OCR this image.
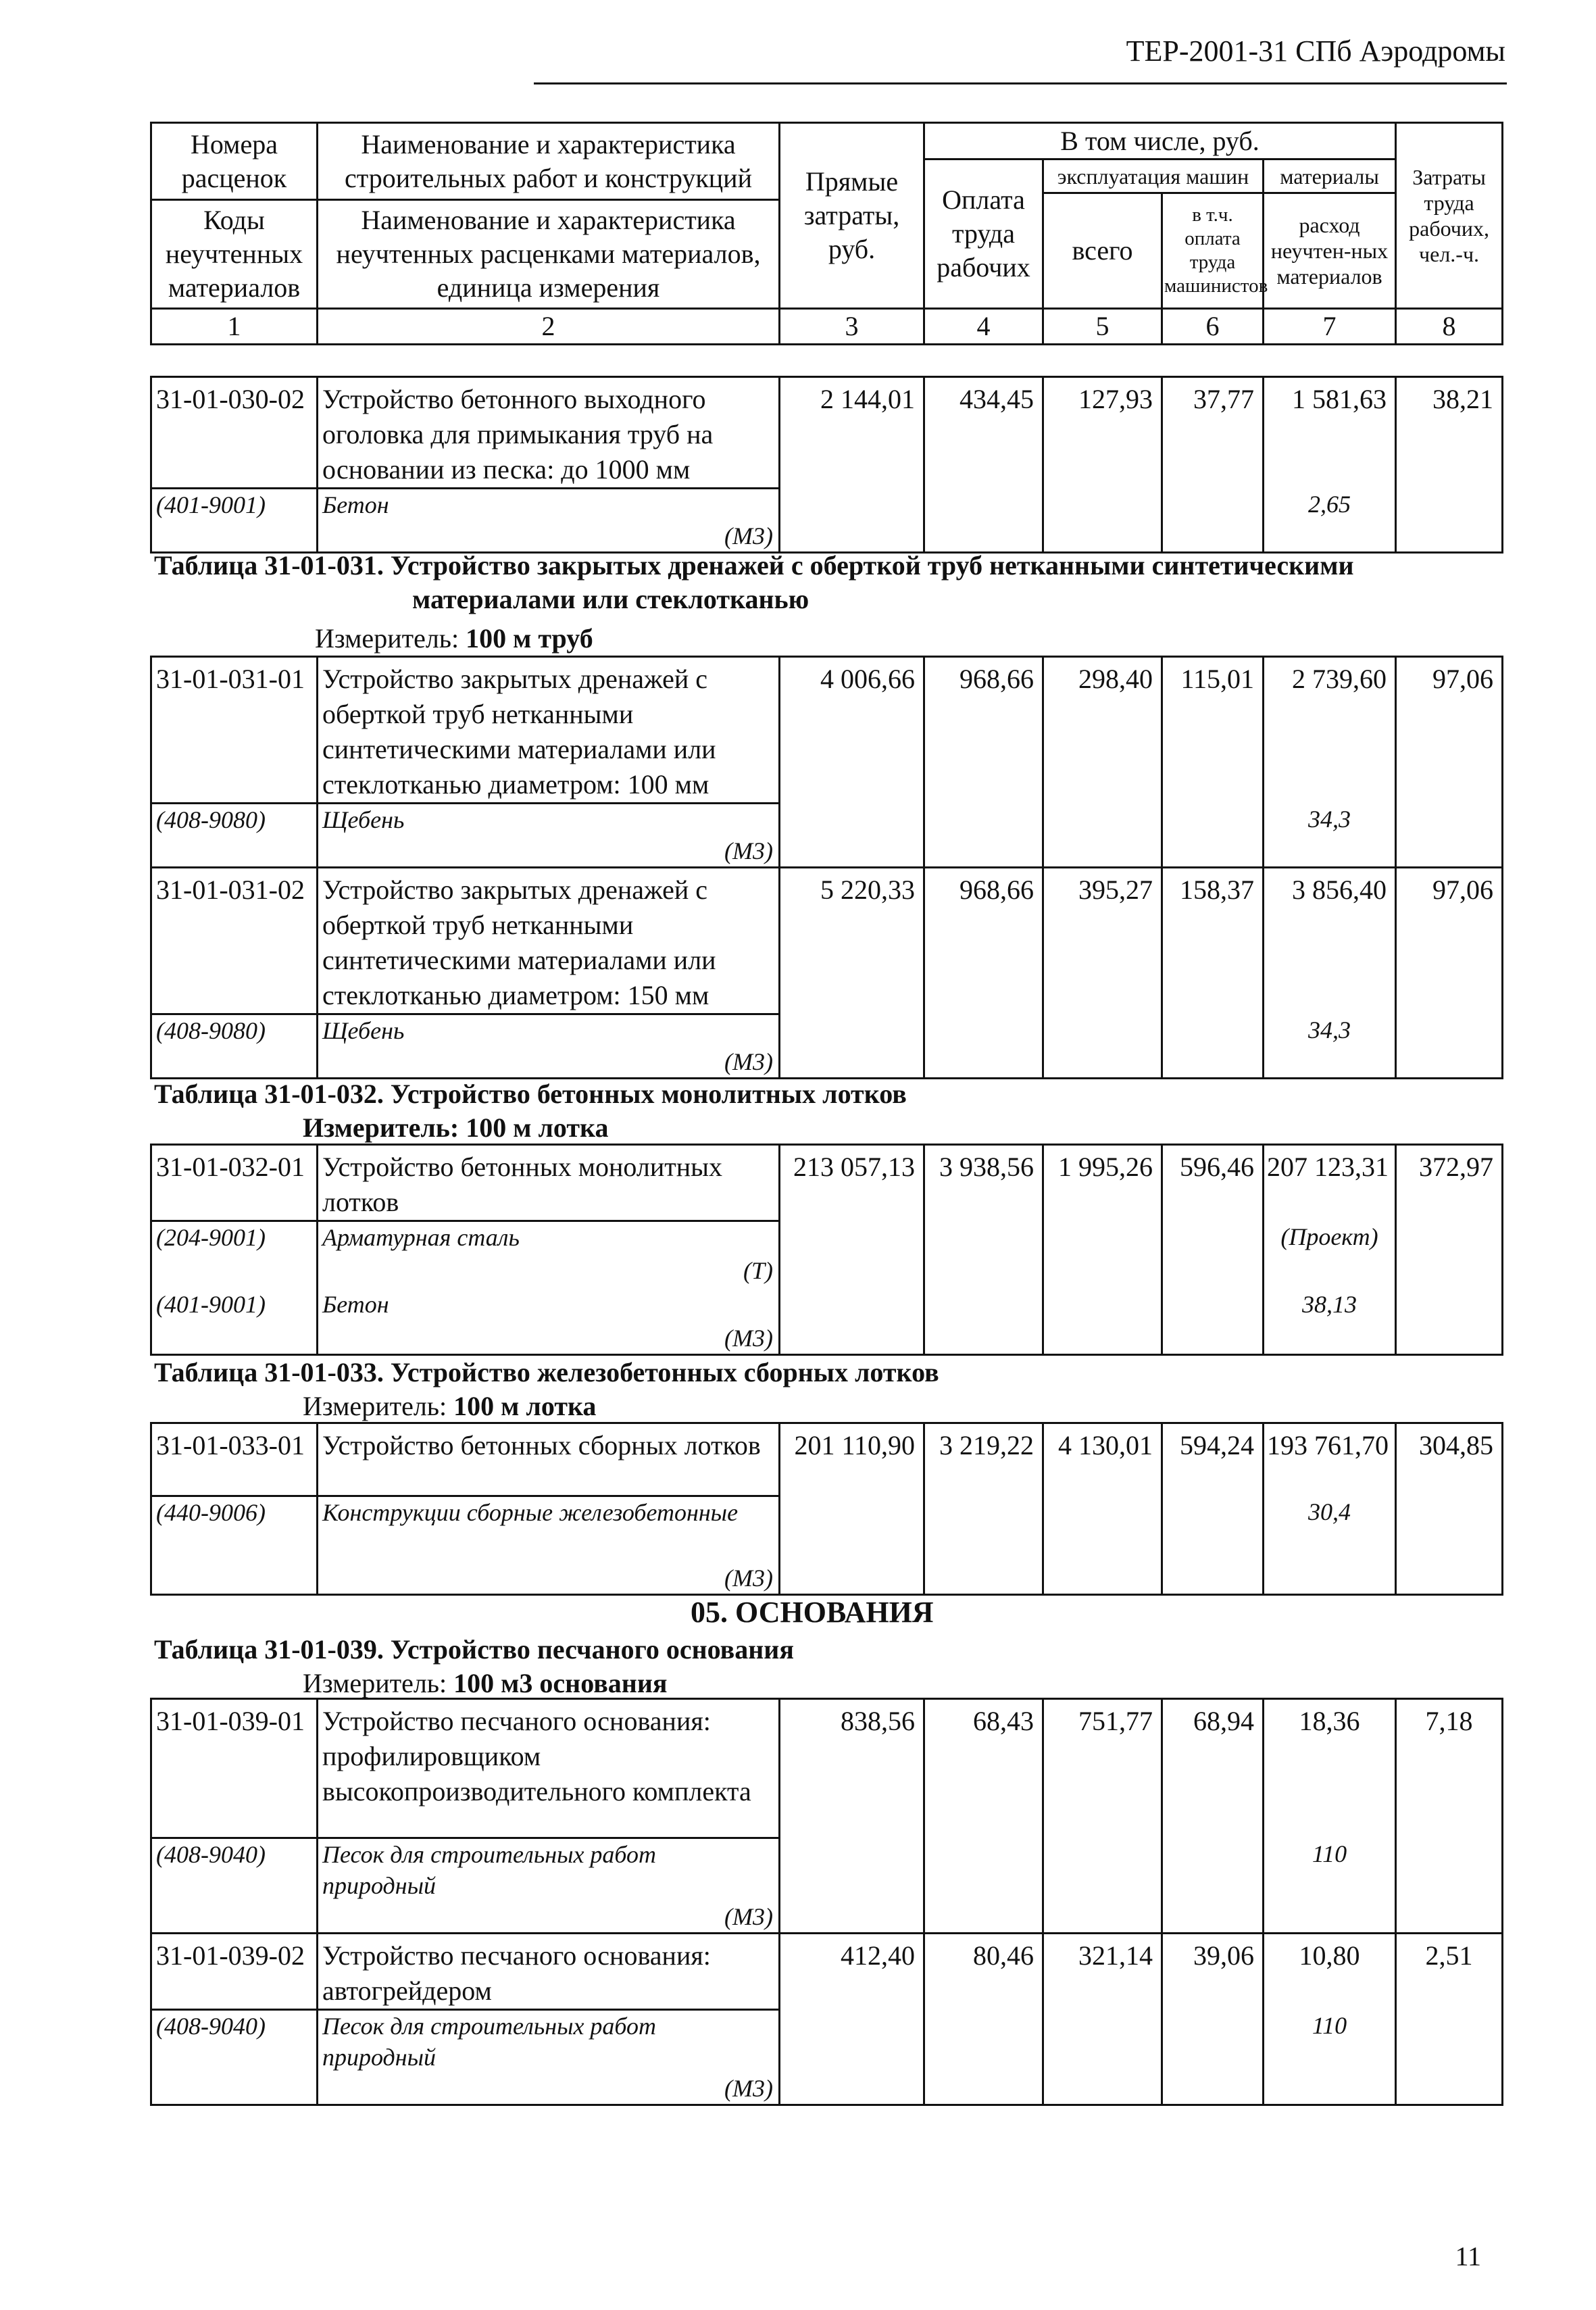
ТЕР-2001-31 СПб Аэродромы
Номера расценок	Наименование и характеристика строительных работ и конструкций	Прямые затраты, руб.	В том числе, руб.				Затраты труда рабочих, чел.-ч.
			Оплата труда рабочих	эксплуатация машин		материалы	
				всего	в т.ч. оплата труда машинистов	расход неучтен-ных материалов	
Коды неучтенных материалов	Наименование и характеристика неучтенных расценками материалов, единица измерения						

1	2	3	4	5	6	7	8
31-01-030-02	Устройство бетонного выходного оголовка для примыкания труб на основании из песка: до 1000 мм	2 144,01	434,45	127,93	37,77	1 581,63	38,21
(401-9001)	Бетон					2,65	
	(М3)						
Таблица 31-01-031. Устройство закрытых дренажей с оберткой труб нетканными синтетическими
материалами или стеклотканью
Измеритель: 100 м труб
31-01-031-01	Устройство закрытых дренажей с оберткой труб нетканными синтетическими материалами или стеклотканью диаметром: 100 мм	4 006,66	968,66	298,40	115,01	2 739,60	97,06
(408-9080)	Щебень					34,3	
	(М3)						
31-01-031-02	Устройство закрытых дренажей с оберткой труб нетканными синтетическими материалами или стеклотканью диаметром: 150 мм	5 220,33	968,66	395,27	158,37	3 856,40	97,06
(408-9080)	Щебень					34,3	
	(М3)						
Таблица 31-01-032. Устройство бетонных монолитных лотков
Измеритель: 100 м лотка
31-01-032-01	Устройство бетонных монолитных лотков	213 057,13	3 938,56	1 995,26	596,46	207 123,31	372,97
(204-9001)	Арматурная сталь					(Проект)	
	(Т)						
(401-9001)	Бетон					38,13	
	(М3)						
Таблица 31-01-033. Устройство железобетонных сборных лотков
Измеритель: 100 м лотка
31-01-033-01	Устройство бетонных сборных лотков	201 110,90	3 219,22	4 130,01	594,24	193 761,70	304,85
(440-9006)	Конструкции сборные железобетонные					30,4	
	(М3)						
05. ОСНОВАНИЯ
Таблица 31-01-039. Устройство песчаного основания
Измеритель: 100 м3 основания
31-01-039-01	Устройство песчаного основания: профилировщиком высокопроизводительного комплекта	838,56	68,43	751,77	68,94	18,36	7,18
(408-9040)	Песок для строительных работ природный					110	
	(М3)						
31-01-039-02	Устройство песчаного основания: автогрейдером	412,40	80,46	321,14	39,06	10,80	2,51
(408-9040)	Песок для строительных работ природный					110	
	(М3)						
11
